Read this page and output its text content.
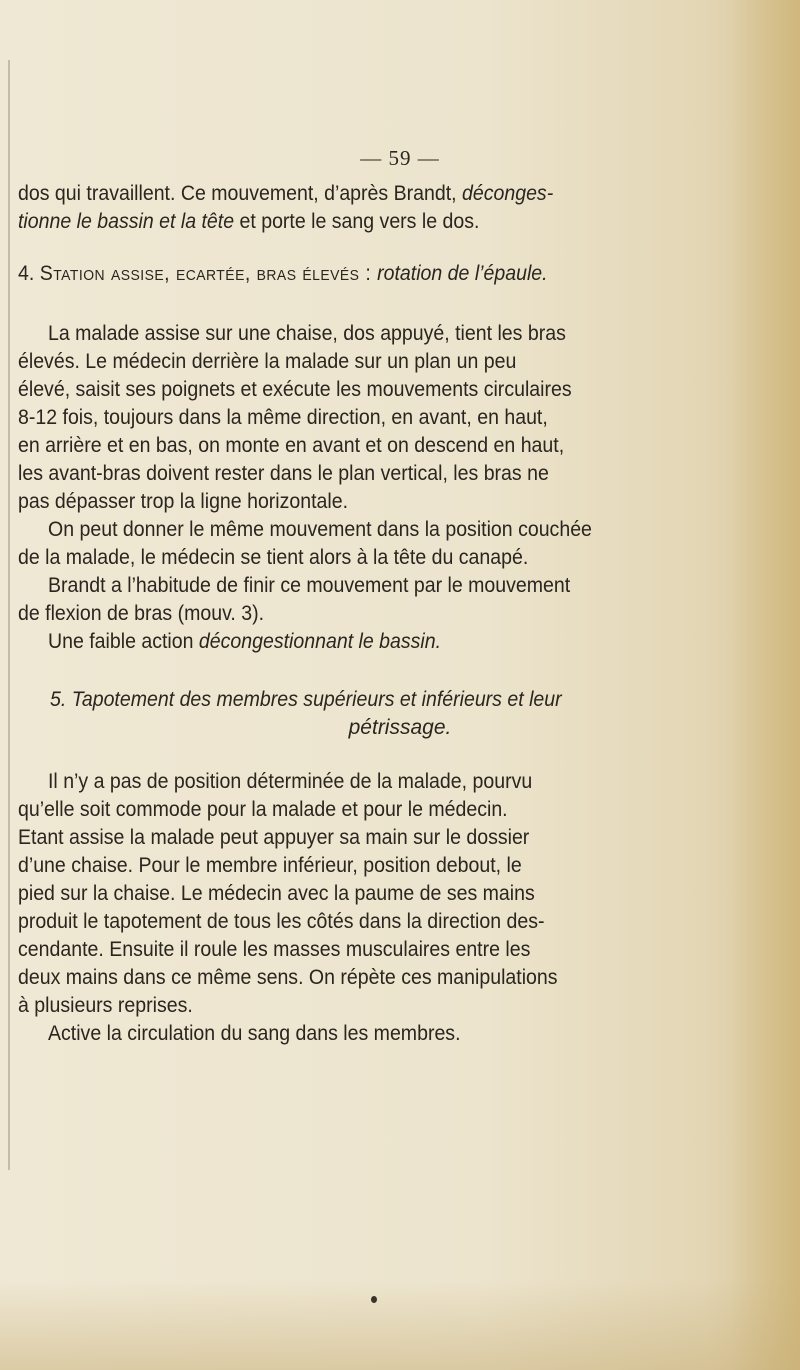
— 59 —
dos qui travaillent. Ce mouvement, d’après Brandt, déconges-
tionne le bassin et la tête et porte le sang vers le dos.
4. Station assise, ecartée, bras élevés : rotation de l’épaule.
La malade assise sur une chaise, dos appuyé, tient les bras
élevés. Le médecin derrière la malade sur un plan un peu
élevé, saisit ses poignets et exécute les mouvements circulaires
8-12 fois, toujours dans la même direction, en avant, en haut,
en arrière et en bas, on monte en avant et on descend en haut,
les avant-bras doivent rester dans le plan vertical, les bras ne
pas dépasser trop la ligne horizontale.
On peut donner le même mouvement dans la position couchée
de la malade, le médecin se tient alors à la tête du canapé.
Brandt a l’habitude de finir ce mouvement par le mouvement
de flexion de bras (mouv. 3).
Une faible action décongestionnant le bassin.
5. Tapotement des membres supérieurs et inférieurs et leur
pétrissage.
Il n’y a pas de position déterminée de la malade, pourvu
qu’elle soit commode pour la malade et pour le médecin.
Etant assise la malade peut appuyer sa main sur le dossier
d’une chaise. Pour le membre inférieur, position debout, le
pied sur la chaise. Le médecin avec la paume de ses mains
produit le tapotement de tous les côtés dans la direction des-
cendante. Ensuite il roule les masses musculaires entre les
deux mains dans ce même sens. On répète ces manipulations
à plusieurs reprises.
Active la circulation du sang dans les membres.
